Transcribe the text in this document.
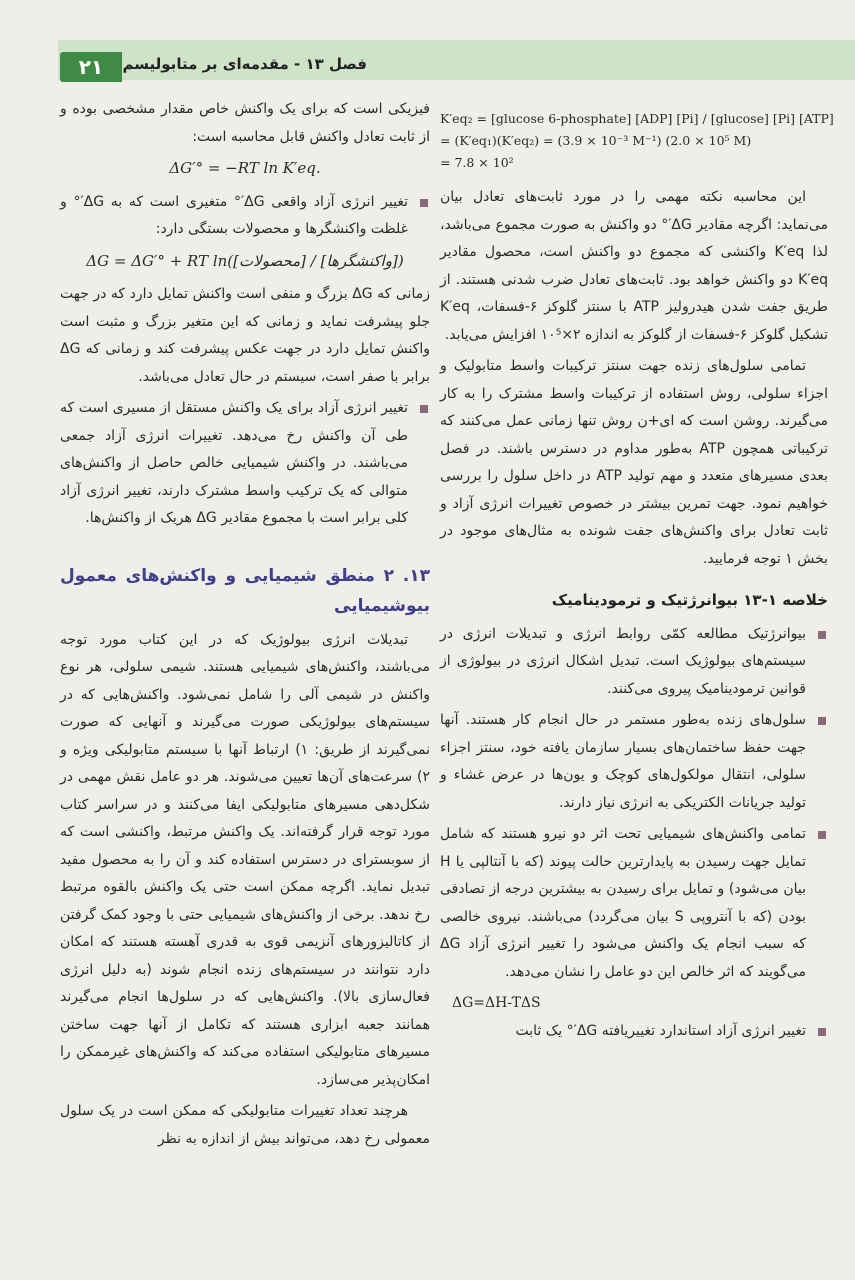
۲۱	فصل ۱۳ - مقدمه‌ای بر متابولیسم
K′eq₂ = [glucose 6-phosphate] [ADP] [Pi] / [glucose] [Pi] [ATP]
= (K′eq₁)(K′eq₂) = (3.9 × 10⁻³ M⁻¹) (2.0 × 10⁵ M)
= 7.8 × 10²

این محاسبه نکته مهمی را در مورد ثابت‌های تعادل بیان می‌نماید: اگرچه مقادیر ΔG′° دو واکنش به صورت مجموع می‌باشد، لذا K′eq واکنشی که مجموع دو واکنش است، محصول مقادیر K′eq دو واکنش خواهد بود. ثابت‌های تعادل ضرب شدنی هستند. از طریق جفت شدن هیدرولیز ATP با سنتز گلوکز ۶-فسفات، K′eq تشکیل گلوکز ۶-فسفات از گلوکز به اندازه ۲×۱۰⁵ افزایش می‌یابد.

تمامی سلول‌های زنده جهت سنتز ترکیبات واسط متابولیک و اجزاء سلولی، روش استفاده از ترکیبات واسط مشترک را به کار می‌گیرند. روشن است که ای+ن روش تنها زمانی عمل می‌کنند که ترکیباتی همچون ATP به‌طور مداوم در دسترس باشند. در فصل بعدی مسیرهای متعدد و مهم تولید ATP در داخل سلول را بررسی خواهیم نمود. جهت تمرین بیشتر در خصوص تغییرات انرژی آزاد و ثابت تعادل برای واکنش‌های جفت شونده به مثال‌های موجود در بخش ۱ توجه فرمایید.

خلاصه ۱-۱۳ بیوانرژتیک و ترمودینامیک
بیوانرژتیک مطالعه کمّی روابط انرژی و تبدیلات انرژی در سیستم‌های بیولوژیک است. تبدیل اشکال انرژی در بیولوژی از قوانین ترمودینامیک پیروی می‌کنند.
سلول‌های زنده به‌طور مستمر در حال انجام کار هستند. آنها جهت حفظ ساختمان‌های بسیار سازمان یافته خود، سنتز اجزاء سلولی، انتقال مولکول‌های کوچک و یون‌ها در عرض غشاء و تولید جریانات الکتریکی به انرژی نیاز دارند.
تمامی واکنش‌های شیمیایی تحت اثر دو نیرو هستند که شامل تمایل جهت رسیدن به پایدارترین حالت پیوند (که با آنتالپی یا H بیان می‌شود) و تمایل برای رسیدن به بیشترین درجه از تصادفی بودن (که با آنتروپی S بیان می‌گردد) می‌باشند. نیروی خالصی که سبب انجام یک واکنش می‌شود را تغییر انرژی آزاد ΔG می‌گویند که اثر خالص این دو عامل را نشان می‌دهد.
ΔG=ΔH-TΔS
تغییر انرژی آزاد استاندارد تغییریافته ΔG′° یک ثابت

فیزیکی است که برای یک واکنش خاص مقدار مشخصی بوده و از ثابت تعادل واکنش قابل محاسبه است:

ΔG′° = −RT ln K′eq.
تغییر انرژی آزاد واقعی ΔG′° متغیری است که به ΔG′° و غلظت واکنشگرها و محصولات بستگی دارد:
ΔG = ΔG′° + RT ln([محصولات] / [واکنشگرها])

زمانی که ΔG بزرگ و منفی است واکنش تمایل دارد که در جهت جلو پیشرفت نماید و زمانی که این متغیر بزرگ و مثبت است واکنش تمایل دارد در جهت عکس پیشرفت کند و زمانی که ΔG برابر با صفر است، سیستم در حال تعادل می‌باشد.

تغییر انرژی آزاد برای یک واکنش مستقل از مسیری است که طی آن واکنش رخ می‌دهد. تغییرات انرژی آزاد جمعی می‌باشند. در واکنش شیمیایی خالص حاصل از واکنش‌های متوالی که یک ترکیب واسط مشترک دارند، تغییر انرژی آزاد کلی برابر است با مجموع مقادیر ΔG هریک از واکنش‌ها.
۱۳. ۲ منطق شیمیایی و واکنش‌های معمول بیوشیمیایی

تبدیلات انرژی بیولوژیک که در این کتاب مورد توجه می‌باشند، واکنش‌های شیمیایی هستند. شیمی سلولی، هر نوع واکنش در شیمی آلی را شامل نمی‌شود. واکنش‌هایی که در سیستم‌های بیولوژیکی صورت می‌گیرند و آنهایی که صورت نمی‌گیرند از طریق: ۱) ارتباط آنها با سیستم متابولیکی ویژه و ۲) سرعت‌های آن‌ها تعیین می‌شوند. هر دو عامل نقش مهمی در شکل‌دهی مسیرهای متابولیکی ایفا می‌کنند و در سراسر کتاب مورد توجه قرار گرفته‌اند. یک واکنش مرتبط، واکنشی است که از سوبسترای در دسترس استفاده کند و آن را به محصول مفید تبدیل نماید. اگرچه ممکن است حتی یک واکنش بالقوه مرتبط رخ ندهد. برخی از واکنش‌های شیمیایی حتی با وجود کمک گرفتن از کاتالیزورهای آنزیمی قوی به قدری آهسته هستند که امکان دارد نتوانند در سیستم‌های زنده انجام شوند (به دلیل انرژی فعال‌سازی بالا). واکنش‌هایی که در سلول‌ها انجام می‌گیرند همانند جعبه ابزاری هستند که تکامل از آنها جهت ساختن مسیرهای متابولیکی استفاده می‌کند که واکنش‌های غیرممکن را امکان‌پذیر می‌سازد.

هرچند تعداد تغییرات متابولیکی که ممکن است در یک سلول معمولی رخ دهد، می‌تواند بیش از اندازه به نظر
